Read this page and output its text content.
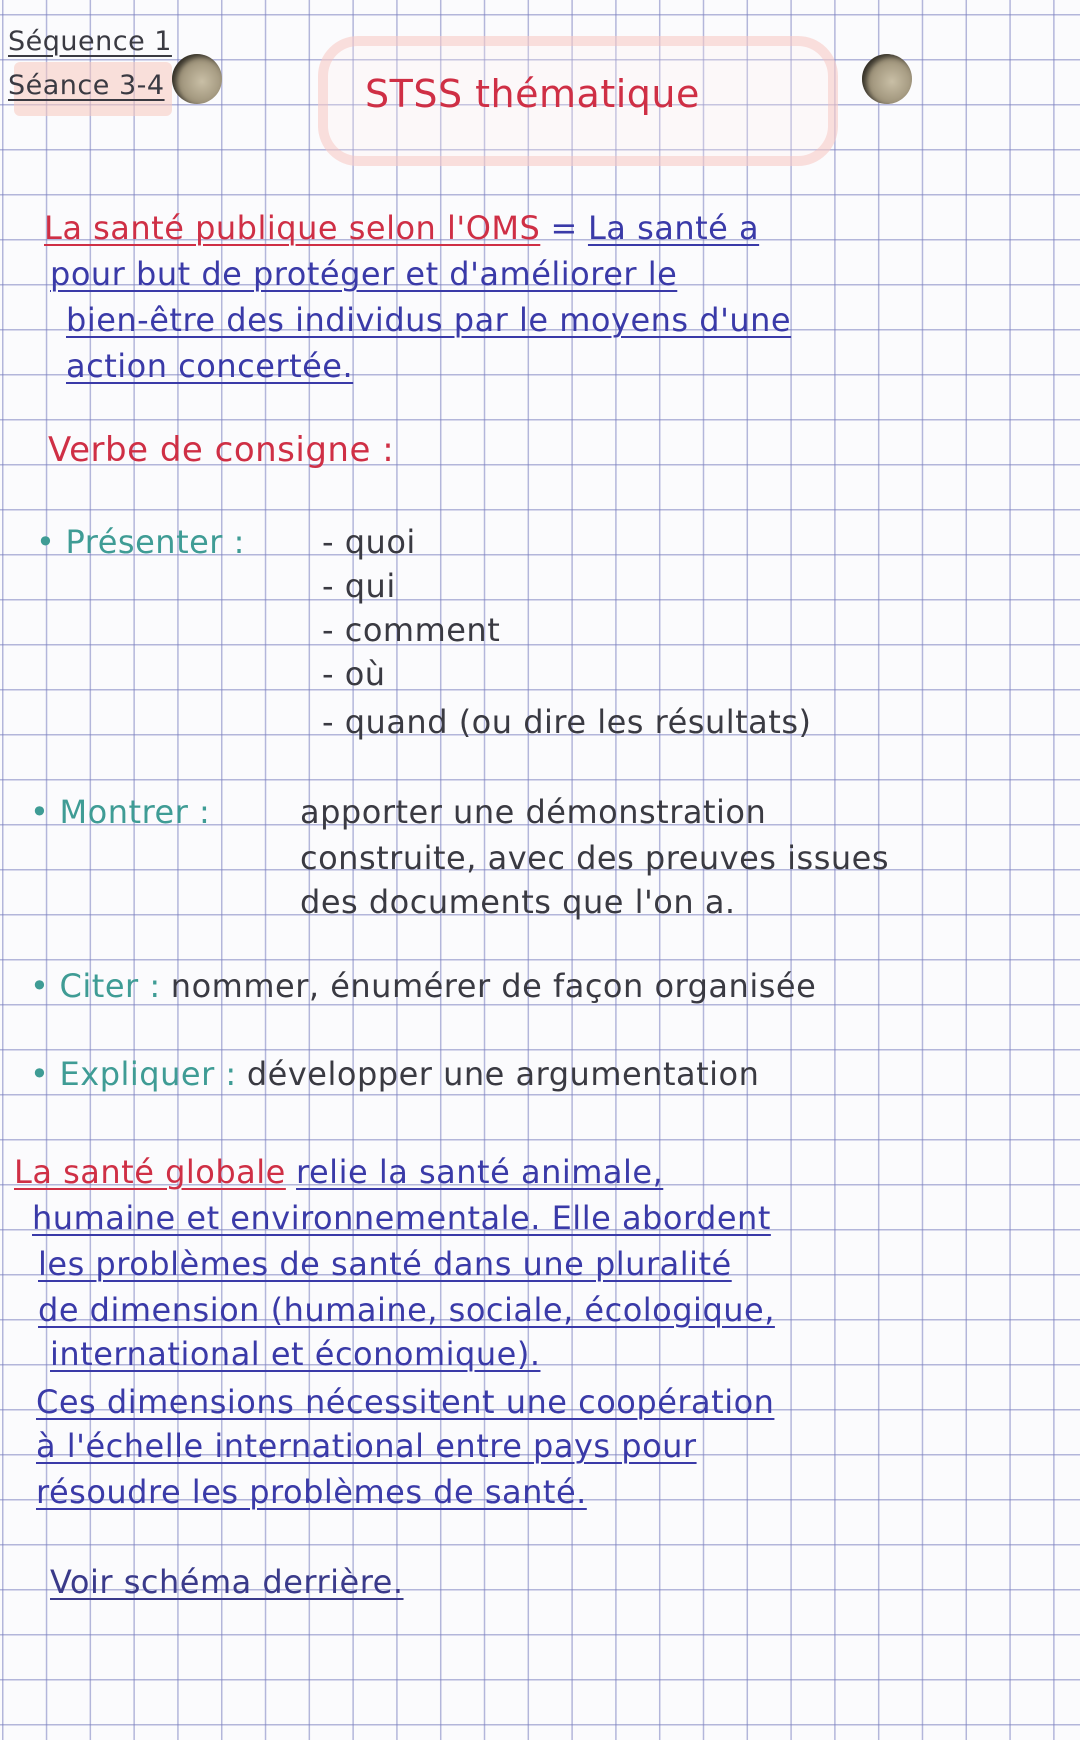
Séquence 1
Séance 3-4	STSS thématique
La santé publique selon l'OMS = La santé a
pour but de protéger et d'améliorer le
bien-être des individus par le moyens d'une
action concertée.
Verbe de consigne :
• Présenter : - quoi
- qui
- comment
- où
- quand (ou dire les résultats)
• Montrer :	apporter une démonstration
construite, avec des preuves issues
des documents que l'on a.
• Citer : nommer, énumérer de façon organisée
• Expliquer : développer une argumentation
La santé globale relie la santé animale,
humaine et environnementale. Elle abordent
les problèmes de santé dans une pluralité
de dimension (humaine, sociale, écologique,
international et économique).
Ces dimensions nécessitent une coopération
à l'échelle international entre pays pour
résoudre les problèmes de santé.
Voir schéma derrière.
